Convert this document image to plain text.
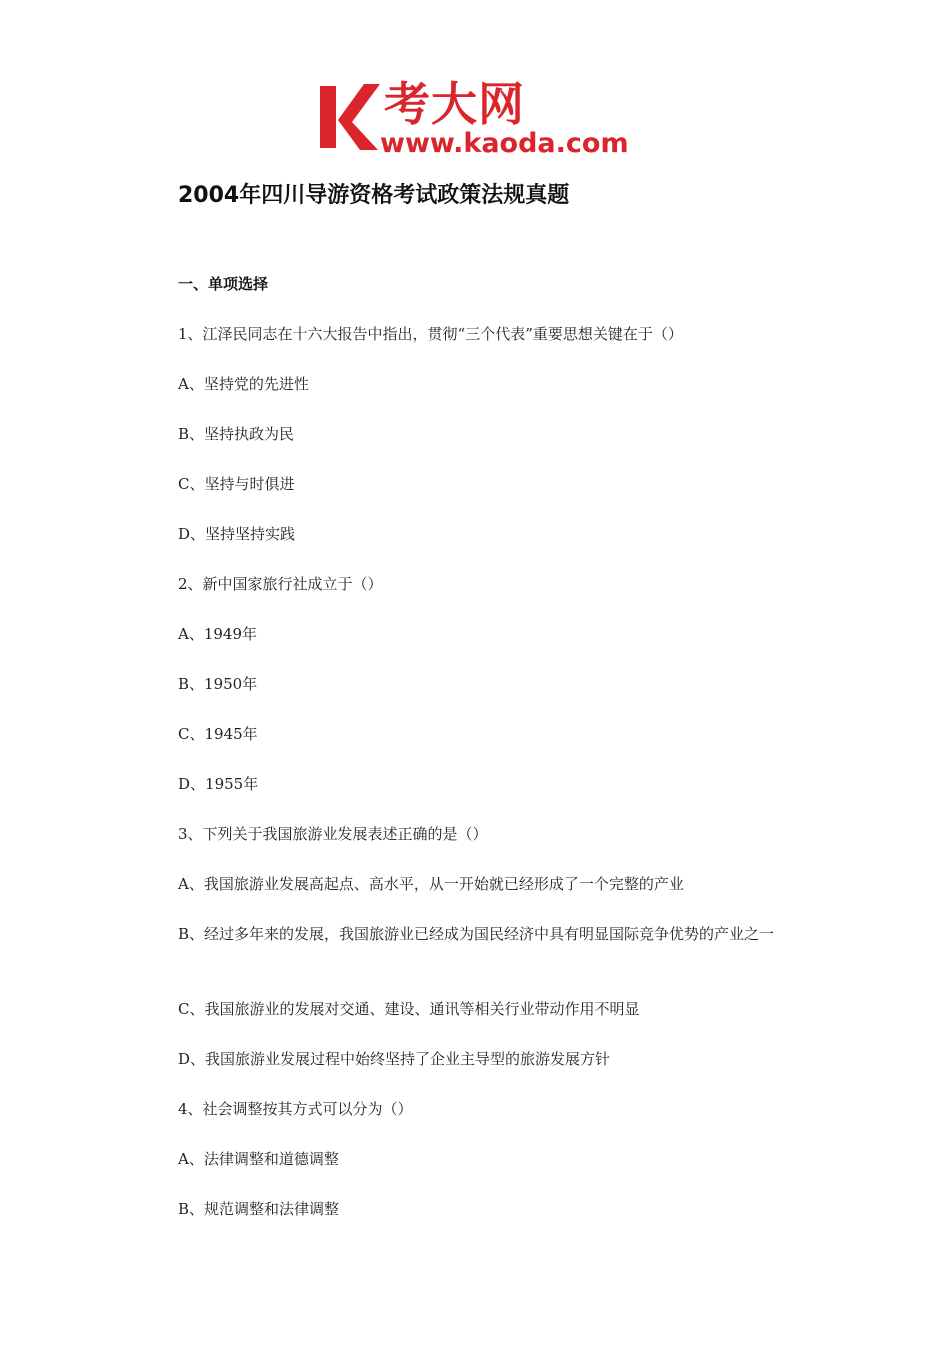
考大网
www.kaoda.com
2004年四川导游资格考试政策法规真题
一、单项选择
1、江泽民同志在十六大报告中指出，贯彻“三个代表”重要思想关键在于（）
A、坚持党的先进性
B、坚持执政为民
C、坚持与时俱进
D、坚持坚持实践
2、新中国家旅行社成立于（）
A、1949年
B、1950年
C、1945年
D、1955年
3、下列关于我国旅游业发展表述正确的是（）
A、我国旅游业发展高起点、高水平，从一开始就已经形成了一个完整的产业
B、经过多年来的发展，我国旅游业已经成为国民经济中具有明显国际竞争优势的产业之一
C、我国旅游业的发展对交通、建设、通讯等相关行业带动作用不明显
D、我国旅游业发展过程中始终坚持了企业主导型的旅游发展方针
4、社会调整按其方式可以分为（）
A、法律调整和道德调整
B、规范调整和法律调整
